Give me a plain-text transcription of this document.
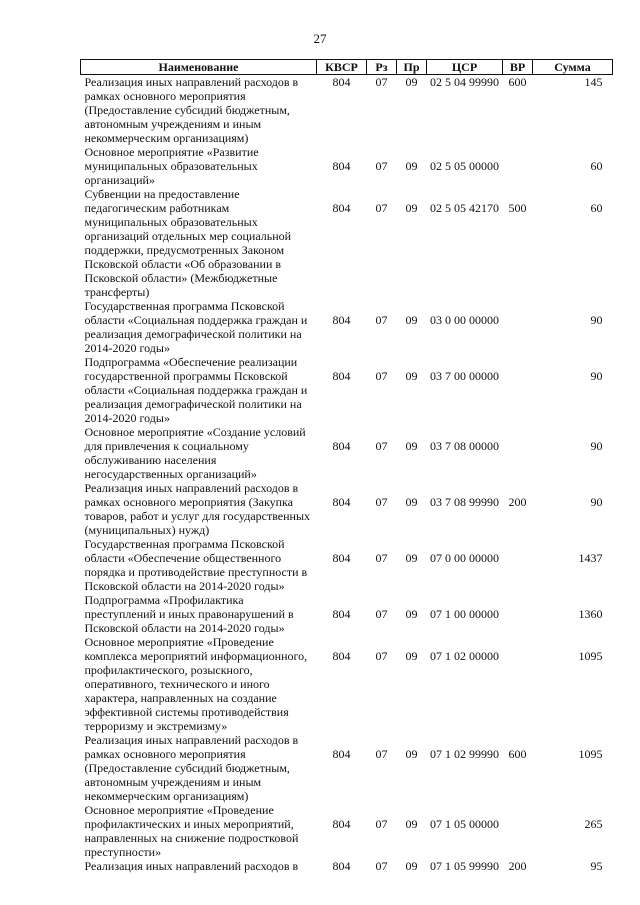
27
Наименование	КВСР	Рз	Пр	ЦСР	ВР	Сумма
Реализация иных направлений расходов в рамках основного мероприятия (Предоставление субсидий бюджетным, автономным учреждениям и иным некоммерческим организациям)	804	07	09	02 5 04 99990	600	145
Основное мероприятие «Развитие муниципальных образовательных организаций»	804	07	09	02 5 05 00000		60
Субвенции на предоставление педагогическим работникам муниципальных образовательных организаций отдельных мер социальной поддержки, предусмотренных Законом Псковской области «Об образовании в Псковской области» (Межбюджетные трансферты)	804	07	09	02 5 05 42170	500	60
Государственная программа Псковской области «Социальная поддержка граждан и реализация демографической политики на 2014-2020 годы»	804	07	09	03 0 00 00000		90
Подпрограмма «Обеспечение реализации государственной программы Псковской области «Социальная поддержка граждан и реализация демографической политики на 2014-2020 годы»	804	07	09	03 7 00 00000		90
Основное мероприятие «Создание условий для привлечения к социальному обслуживанию населения негосударственных организаций»	804	07	09	03 7 08 00000		90
Реализация иных направлений расходов в рамках основного мероприятия (Закупка товаров, работ и услуг для государственных (муниципальных) нужд)	804	07	09	03 7 08 99990	200	90
Государственная программа Псковской области «Обеспечение общественного порядка и противодействие преступности в Псковской области на 2014-2020 годы»	804	07	09	07 0 00 00000		1437
Подпрограмма «Профилактика преступлений и иных правонарушений в Псковской области на 2014-2020 годы»	804	07	09	07 1 00 00000		1360
Основное мероприятие «Проведение комплекса мероприятий информационного, профилактического, розыскного, оперативного, технического и иного характера, направленных на создание эффективной системы противодействия терроризму и экстремизму»	804	07	09	07 1 02 00000		1095
Реализация иных направлений расходов в рамках основного мероприятия (Предоставление субсидий бюджетным, автономным учреждениям и иным некоммерческим организациям)	804	07	09	07 1 02 99990	600	1095
Основное мероприятие «Проведение профилактических и иных мероприятий, направленных на снижение подростковой преступности»	804	07	09	07 1 05 00000		265
Реализация иных направлений расходов в	804	07	09	07 1 05 99990	200	95
